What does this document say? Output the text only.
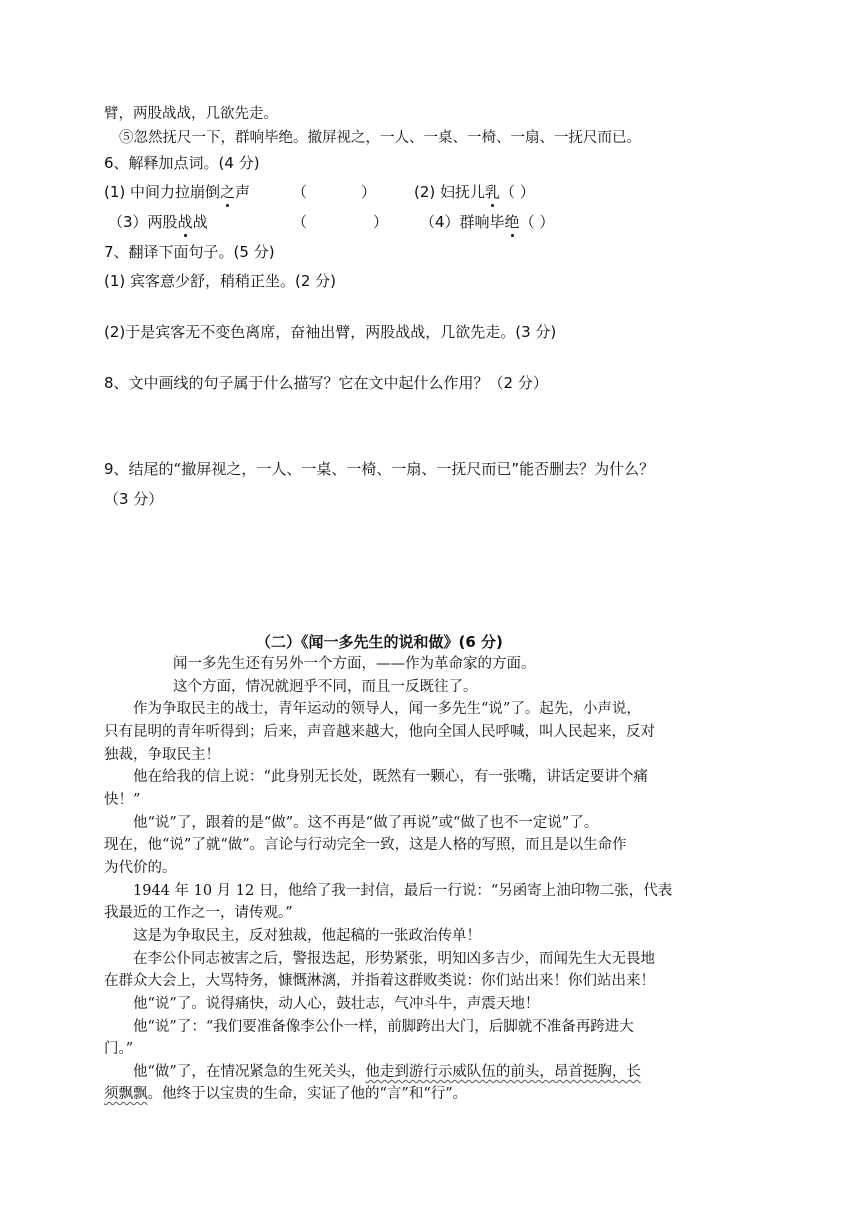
臂，两股战战，几欲先走。
⑤忽然抚尺一下，群响毕绝。撤屏视之，一人、一桌、一椅、一扇、一抚尺而已。
6、解释加点词。(4 分)
(1) 中间力拉崩倒之声	（	）	(2) 妇抚儿乳（ ）
（3）两股战战	（	） （4）群响毕绝（ ）
7、翻译下面句子。(5 分)
(1) 宾客意少舒，稍稍正坐。(2 分)
(2)于是宾客无不变色离席，奋袖出臂，两股战战，几欲先走。(3 分)
8、文中画线的句子属于什么描写？它在文中起什么作用？（2 分）
9、结尾的“撤屏视之，一人、一桌、一椅、一扇、一抚尺而已”能否删去？为什么？
（3 分）
（二）《闻一多先生的说和做》(6 分)
闻一多先生还有另外一个方面，——作为革命家的方面。
这个方面，情况就迥乎不同，而且一反既往了。
作为争取民主的战士，青年运动的领导人，闻一多先生“说”了。起先，小声说，
只有昆明的青年听得到；后来，声音越来越大，他向全国人民呼喊，叫人民起来，反对
独裁，争取民主！
他在给我的信上说：“此身别无长处，既然有一颗心，有一张嘴，讲话定要讲个痛
快！”
他“说”了，跟着的是“做”。这不再是“做了再说”或“做了也不一定说”了。
现在，他“说”了就“做”。言论与行动完全一致，这是人格的写照，而且是以生命作
为代价的。
1944 年 10 月 12 日，他给了我一封信，最后一行说：“另函寄上油印物二张，代表
我最近的工作之一，请传观。”
这是为争取民主，反对独裁，他起稿的一张政治传单！
在李公仆同志被害之后，警报迭起，形势紧张，明知凶多吉少，而闻先生大无畏地
在群众大会上，大骂特务，慷慨淋漓，并指着这群败类说：你们站出来！你们站出来！
他“说”了。说得痛快，动人心，鼓壮志，气冲斗牛，声震天地！
他“说”了：“我们要准备像李公仆一样，前脚跨出大门，后脚就不准备再跨进大
门。”
他“做”了，在情况紧急的生死关头，他走到游行示威队伍的前头，昂首挺胸，长
须飘飘。他终于以宝贵的生命，实证了他的“言”和“行”。
